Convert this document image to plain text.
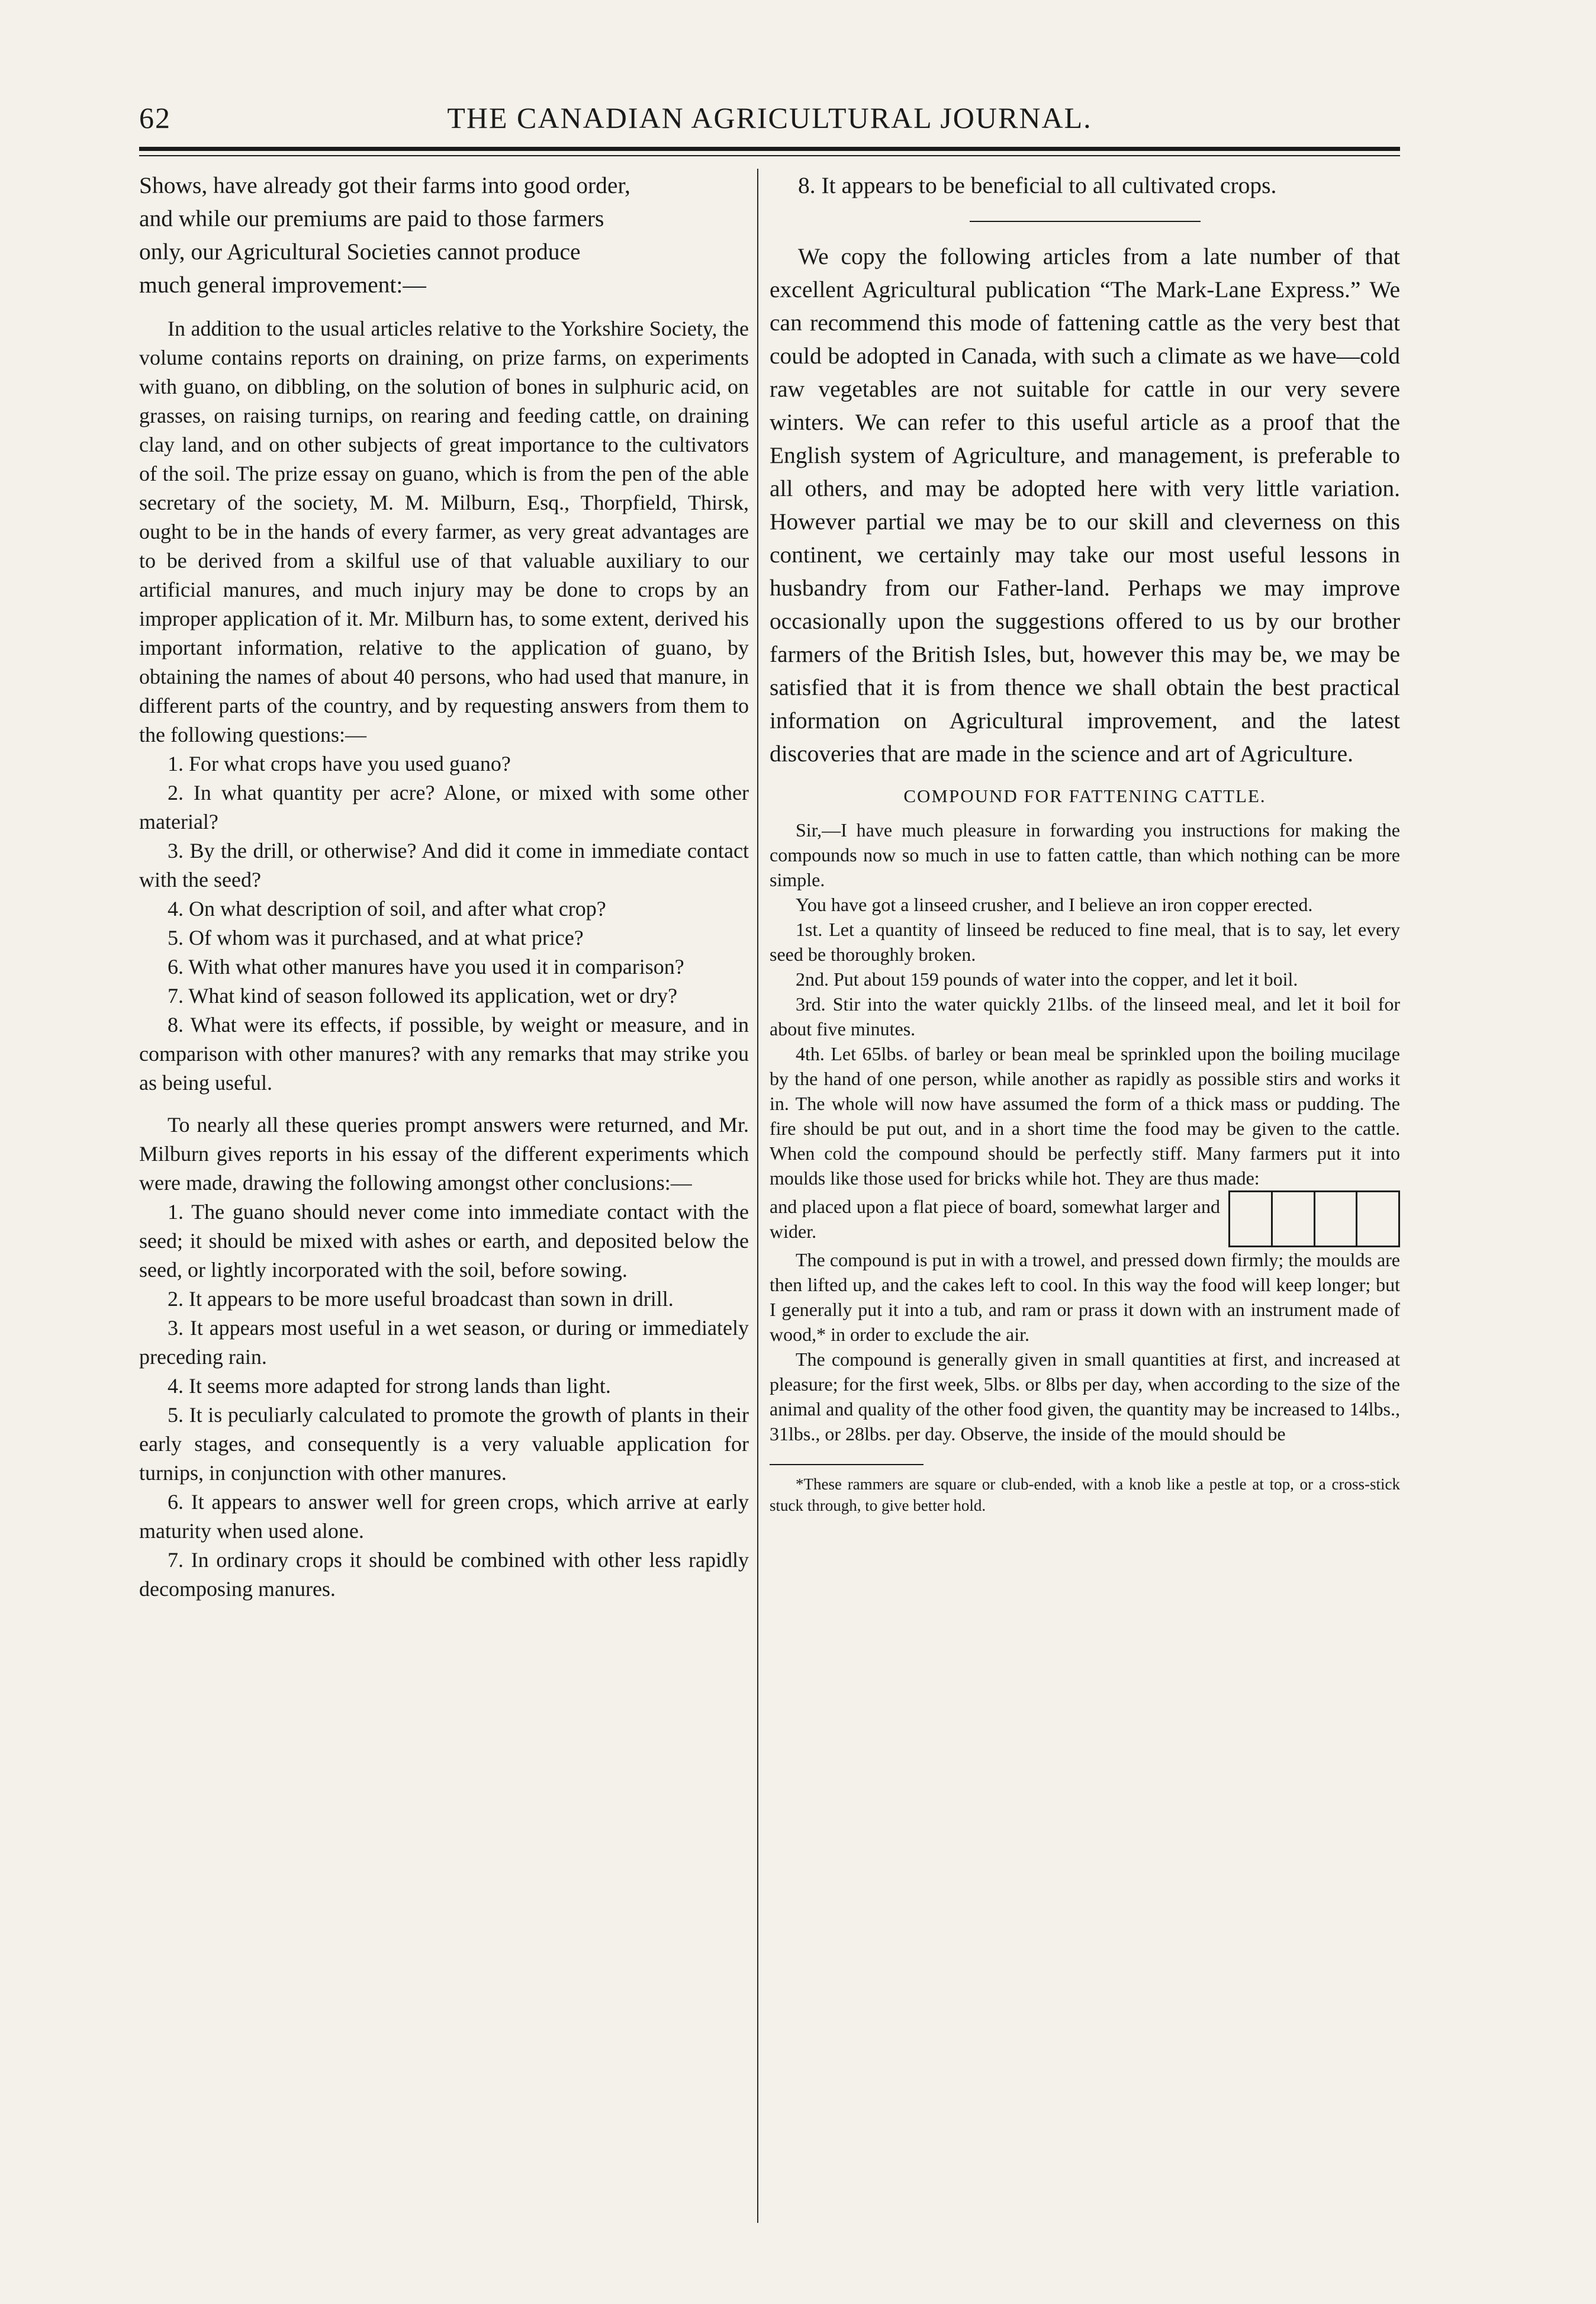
62	THE CANADIAN AGRICULTURAL JOURNAL.

Shows, have already got their farms into good order,

and while our premiums are paid to those farmers

only, our Agricultural Societies cannot produce

much general improvement:—

In addition to the usual articles relative to the Yorkshire Society, the volume contains reports on draining, on prize farms, on experiments with guano, on dibbling, on the solution of bones in sulphuric acid, on grasses, on raising turnips, on rearing and feeding cattle, on draining clay land, and on other subjects of great importance to the cultivators of the soil. The prize essay on guano, which is from the pen of the able secretary of the society, M. M. Milburn, Esq., Thorpfield, Thirsk, ought to be in the hands of every farmer, as very great advantages are to be derived from a skilful use of that valuable auxiliary to our artificial manures, and much injury may be done to crops by an improper application of it. Mr. Milburn has, to some extent, derived his important information, relative to the application of guano, by obtaining the names of about 40 persons, who had used that manure, in different parts of the country, and by requesting answers from them to the following questions:—

1. For what crops have you used guano?

2. In what quantity per acre? Alone, or mixed with some other material?

3. By the drill, or otherwise? And did it come in immediate contact with the seed?

4. On what description of soil, and after what crop?

5. Of whom was it purchased, and at what price?

6. With what other manures have you used it in comparison?

7. What kind of season followed its application, wet or dry?

8. What were its effects, if possible, by weight or measure, and in comparison with other manures? with any remarks that may strike you as being useful.

To nearly all these queries prompt answers were returned, and Mr. Milburn gives reports in his essay of the different experiments which were made, drawing the following amongst other conclusions:—

1. The guano should never come into immediate contact with the seed; it should be mixed with ashes or earth, and deposited below the seed, or lightly incorporated with the soil, before sowing.

2. It appears to be more useful broadcast than sown in drill.

3. It appears most useful in a wet season, or during or immediately preceding rain.

4. It seems more adapted for strong lands than light.

5. It is peculiarly calculated to promote the growth of plants in their early stages, and consequently is a very valuable application for turnips, in conjunction with other manures.

6. It appears to answer well for green crops, which arrive at early maturity when used alone.

7. In ordinary crops it should be combined with other less rapidly decomposing manures.

8. It appears to be beneficial to all cultivated crops.

We copy the following articles from a late number of that excellent Agricultural publication “The Mark-Lane Express.” We can recommend this mode of fattening cattle as the very best that could be adopted in Canada, with such a climate as we have—cold raw vegetables are not suitable for cattle in our very severe winters. We can refer to this useful article as a proof that the English system of Agriculture, and management, is preferable to all others, and may be adopted here with very little variation. However partial we may be to our skill and cleverness on this continent, we certainly may take our most useful lessons in husbandry from our Father-land. Perhaps we may improve occasionally upon the suggestions offered to us by our brother farmers of the British Isles, but, however this may be, we may be satisfied that it is from thence we shall obtain the best practical information on Agricultural improvement, and the latest discoveries that are made in the science and art of Agriculture.

COMPOUND FOR FATTENING CATTLE.

Sir,—I have much pleasure in forwarding you instructions for making the compounds now so much in use to fatten cattle, than which nothing can be more simple.

You have got a linseed crusher, and I believe an iron copper erected.

1st. Let a quantity of linseed be reduced to fine meal, that is to say, let every seed be thoroughly broken.

2nd. Put about 159 pounds of water into the copper, and let it boil.

3rd. Stir into the water quickly 21lbs. of the linseed meal, and let it boil for about five minutes.

4th. Let 65lbs. of barley or bean meal be sprinkled upon the boiling mucilage by the hand of one person, while another as rapidly as possible stirs and works it in. The whole will now have assumed the form of a thick mass or pudding. The fire should be put out, and in a short time the food may be given to the cattle. When cold the compound should be perfectly stiff. Many farmers put it into moulds like those used for bricks while hot. They are thus made:

and placed upon a flat piece of board, somewhat larger and wider.

The compound is put in with a trowel, and pressed down firmly; the moulds are then lifted up, and the cakes left to cool. In this way the food will keep longer; but I generally put it into a tub, and ram or prass it down with an instrument made of wood,* in order to exclude the air.

The compound is generally given in small quantities at first, and increased at pleasure; for the first week, 5lbs. or 8lbs per day, when according to the size of the animal and quality of the other food given, the quantity may be increased to 14lbs., 31lbs., or 28lbs. per day. Observe, the inside of the mould should be

*These rammers are square or club-ended, with a knob like a pestle at top, or a cross-stick stuck through, to give better hold.
